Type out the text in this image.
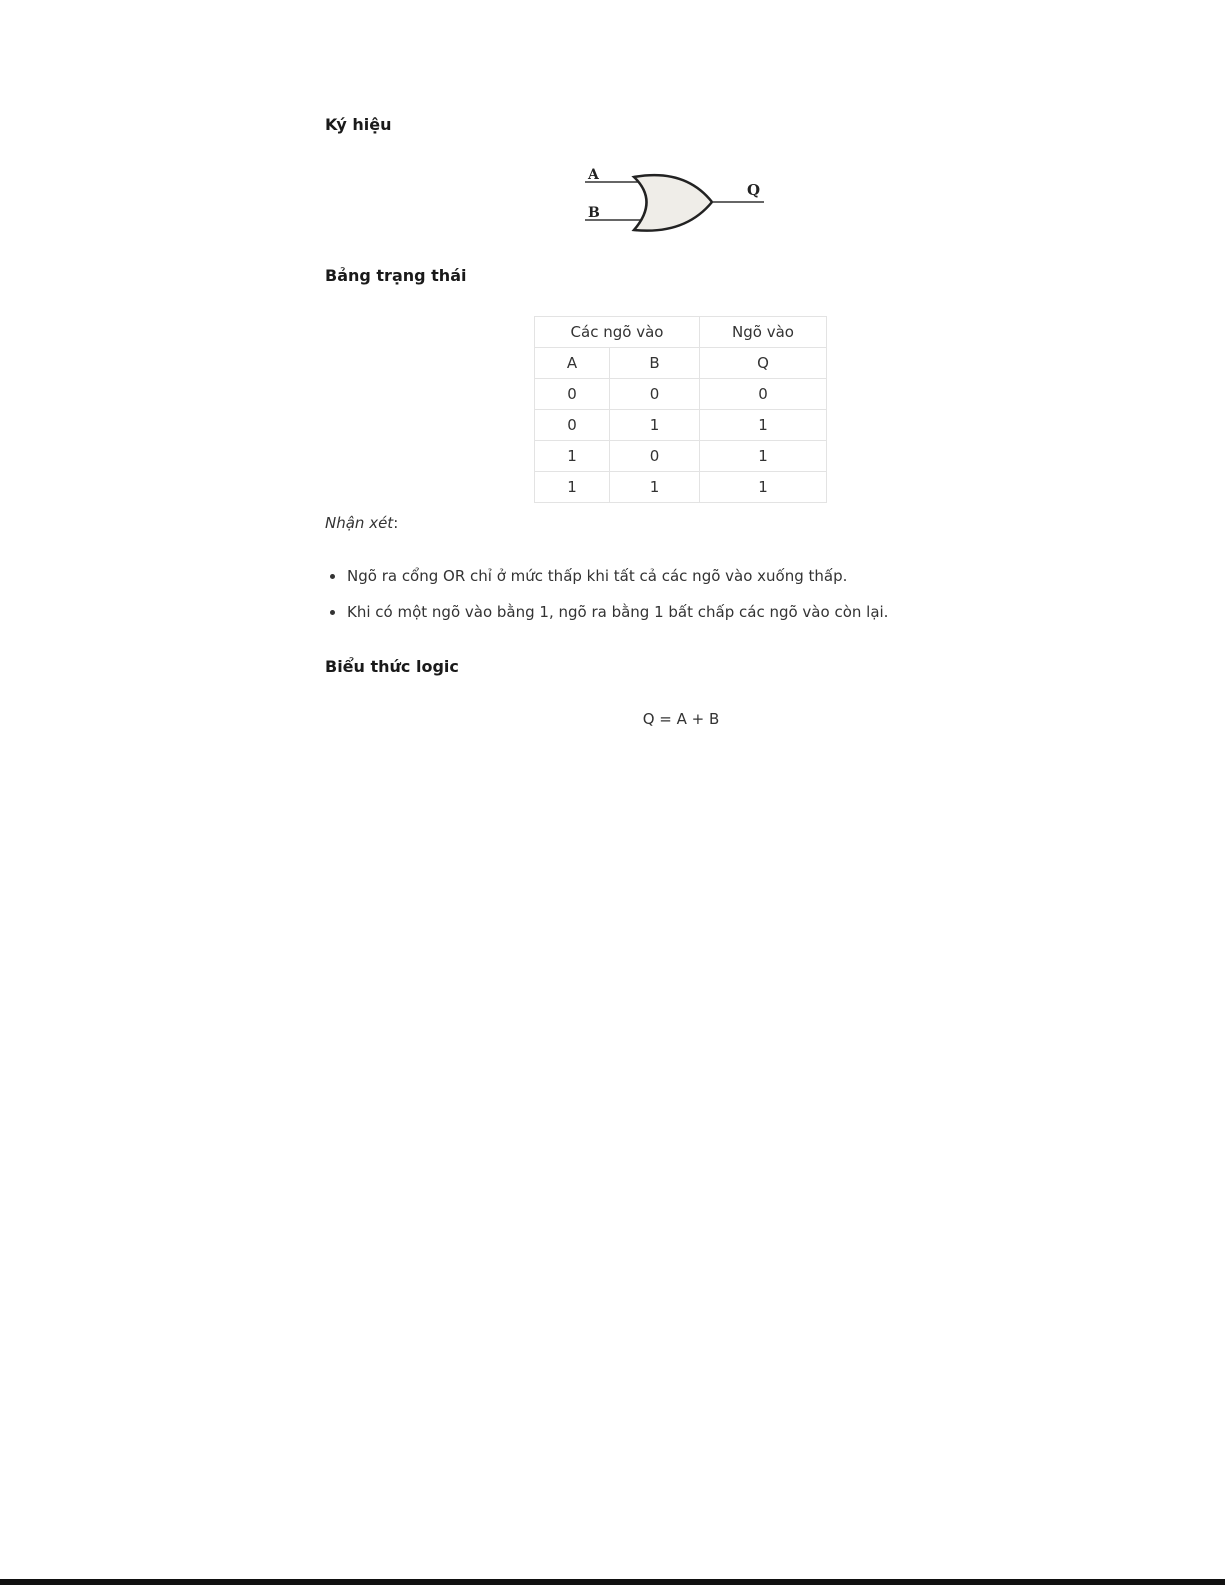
Ký hiệu
A
B
Q
Bảng trạng thái
Các ngõ vào		Ngõ vào
A	B	Q
0	0	0
0	1	1
1	0	1
1	1	1

Nhận xét:

Ngõ ra cổng OR chỉ ở mức thấp khi tất cả các ngõ vào xuống thấp.
Khi có một ngõ vào bằng 1, ngõ ra bằng 1 bất chấp các ngõ vào còn lại.
Biểu thức logic

Q = A + B
